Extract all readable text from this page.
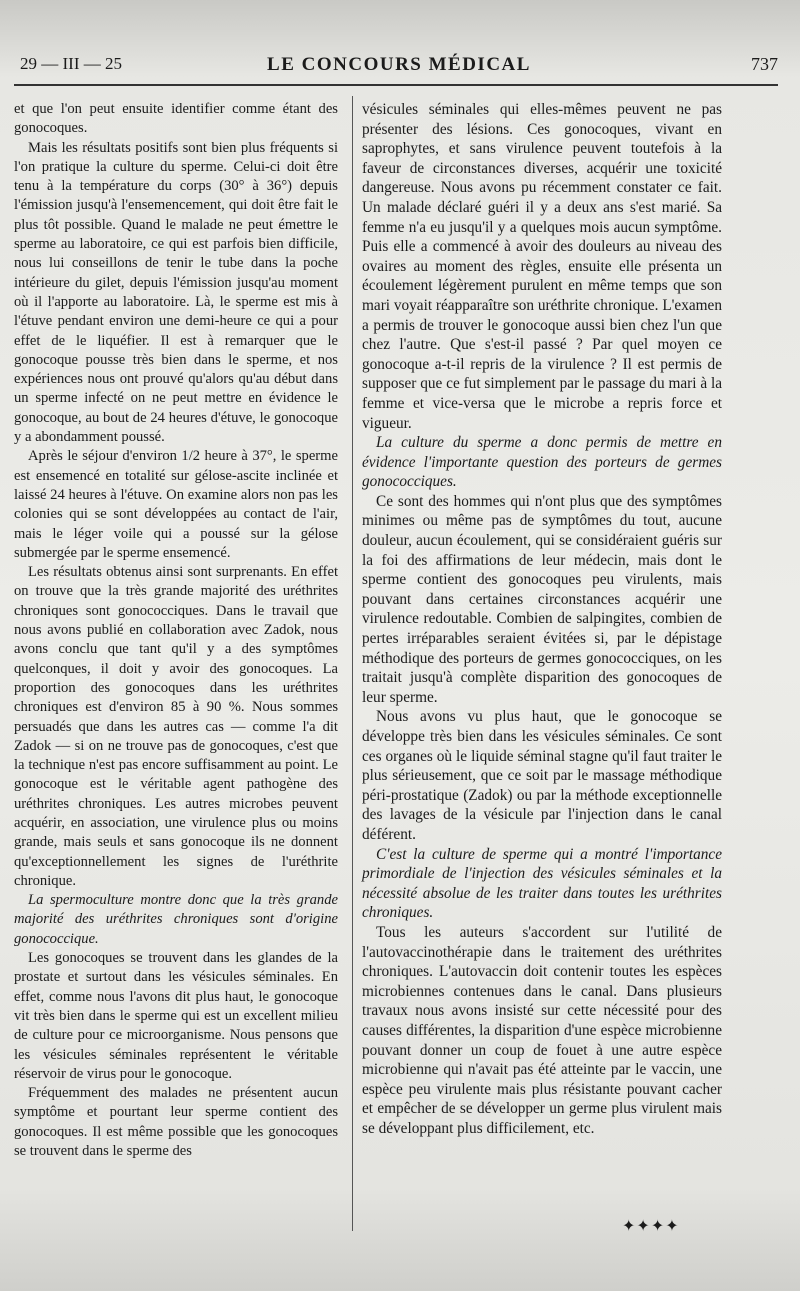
29 — III — 25	LE CONCOURS MÉDICAL	737

et que l'on peut ensuite identifier comme étant des gonocoques.

Mais les résultats positifs sont bien plus fréquents si l'on pratique la culture du sperme. Celui-ci doit être tenu à la température du corps (30° à 36°) depuis l'émission jusqu'à l'ensemencement, qui doit être fait le plus tôt possible. Quand le malade ne peut émettre le sperme au laboratoire, ce qui est parfois bien difficile, nous lui conseillons de tenir le tube dans la poche intérieure du gilet, depuis l'émission jusqu'au moment où il l'apporte au laboratoire. Là, le sperme est mis à l'étuve pendant environ une demi-heure ce qui a pour effet de le liquéfier. Il est à remarquer que le gonocoque pousse très bien dans le sperme, et nos expériences nous ont prouvé qu'alors qu'au début dans un sperme infecté on ne peut mettre en évidence le gonocoque, au bout de 24 heures d'étuve, le gonocoque y a abondamment poussé.

Après le séjour d'environ 1/2 heure à 37°, le sperme est ensemencé en totalité sur gélose-ascite inclinée et laissé 24 heures à l'étuve. On examine alors non pas les colonies qui se sont développées au contact de l'air, mais le léger voile qui a poussé sur la gélose submergée par le sperme ensemencé.

Les résultats obtenus ainsi sont surprenants. En effet on trouve que la très grande majorité des uréthrites chroniques sont gonococciques. Dans le travail que nous avons publié en collaboration avec Zadok, nous avons conclu que tant qu'il y a des symptômes quelconques, il doit y avoir des gonocoques. La proportion des gonocoques dans les uréthrites chroniques est d'environ 85 à 90 %. Nous sommes persuadés que dans les autres cas — comme l'a dit Zadok — si on ne trouve pas de gonocoques, c'est que la technique n'est pas encore suffisamment au point. Le gonocoque est le véritable agent pathogène des uréthrites chroniques. Les autres microbes peuvent acquérir, en association, une virulence plus ou moins grande, mais seuls et sans gonocoque ils ne donnent qu'exceptionnellement les signes de l'uréthrite chronique.

La spermoculture montre donc que la très grande majorité des uréthrites chroniques sont d'origine gonococcique.

Les gonocoques se trouvent dans les glandes de la prostate et surtout dans les vésicules séminales. En effet, comme nous l'avons dit plus haut, le gonocoque vit très bien dans le sperme qui est un excellent milieu de culture pour ce microorganisme. Nous pensons que les vésicules séminales représentent le véritable réservoir de virus pour le gonocoque.

Fréquemment des malades ne présentent aucun symptôme et pourtant leur sperme contient des gonocoques. Il est même possible que les gonocoques se trouvent dans le sperme des

vésicules séminales qui elles-mêmes peuvent ne pas présenter des lésions. Ces gonocoques, vivant en saprophytes, et sans virulence peuvent toutefois à la faveur de circonstances diverses, acquérir une toxicité dangereuse. Nous avons pu récemment constater ce fait. Un malade déclaré guéri il y a deux ans s'est marié. Sa femme n'a eu jusqu'il y a quelques mois aucun symptôme. Puis elle a commencé à avoir des douleurs au niveau des ovaires au moment des règles, ensuite elle présenta un écoulement légèrement purulent en même temps que son mari voyait réapparaître son uréthrite chronique. L'examen a permis de trouver le gonocoque aussi bien chez l'un que chez l'autre. Que s'est-il passé ? Par quel moyen ce gonocoque a-t-il repris de la virulence ? Il est permis de supposer que ce fut simplement par le passage du mari à la femme et vice-versa que le microbe a repris force et vigueur.

La culture du sperme a donc permis de mettre en évidence l'importante question des porteurs de germes gonococciques.

Ce sont des hommes qui n'ont plus que des symptômes minimes ou même pas de symptômes du tout, aucune douleur, aucun écoulement, qui se considéraient guéris sur la foi des affirmations de leur médecin, mais dont le sperme contient des gonocoques peu virulents, mais pouvant dans certaines circonstances acquérir une virulence redoutable. Combien de salpingites, combien de pertes irréparables seraient évitées si, par le dépistage méthodique des porteurs de germes gonococciques, on les traitait jusqu'à complète disparition des gonocoques de leur sperme.

Nous avons vu plus haut, que le gonocoque se développe très bien dans les vésicules séminales. Ce sont ces organes où le liquide séminal stagne qu'il faut traiter le plus sérieusement, que ce soit par le massage méthodique péri-prostatique (Zadok) ou par la méthode exceptionnelle des lavages de la vésicule par l'injection dans le canal déférent.

C'est la culture de sperme qui a montré l'importance primordiale de l'injection des vésicules séminales et la nécessité absolue de les traiter dans toutes les uréthrites chroniques.

Tous les auteurs s'accordent sur l'utilité de l'autovaccinothérapie dans le traitement des uréthrites chroniques. L'autovaccin doit contenir toutes les espèces microbiennes contenues dans le canal. Dans plusieurs travaux nous avons insisté sur cette nécessité pour des causes différentes, la disparition d'une espèce microbienne pouvant donner un coup de fouet à une autre espèce microbienne qui n'avait pas été atteinte par le vaccin, une espèce peu virulente mais plus résistante pouvant cacher et empêcher de se développer un germe plus virulent mais se développant plus difficilement, etc.

✦✦✦✦
